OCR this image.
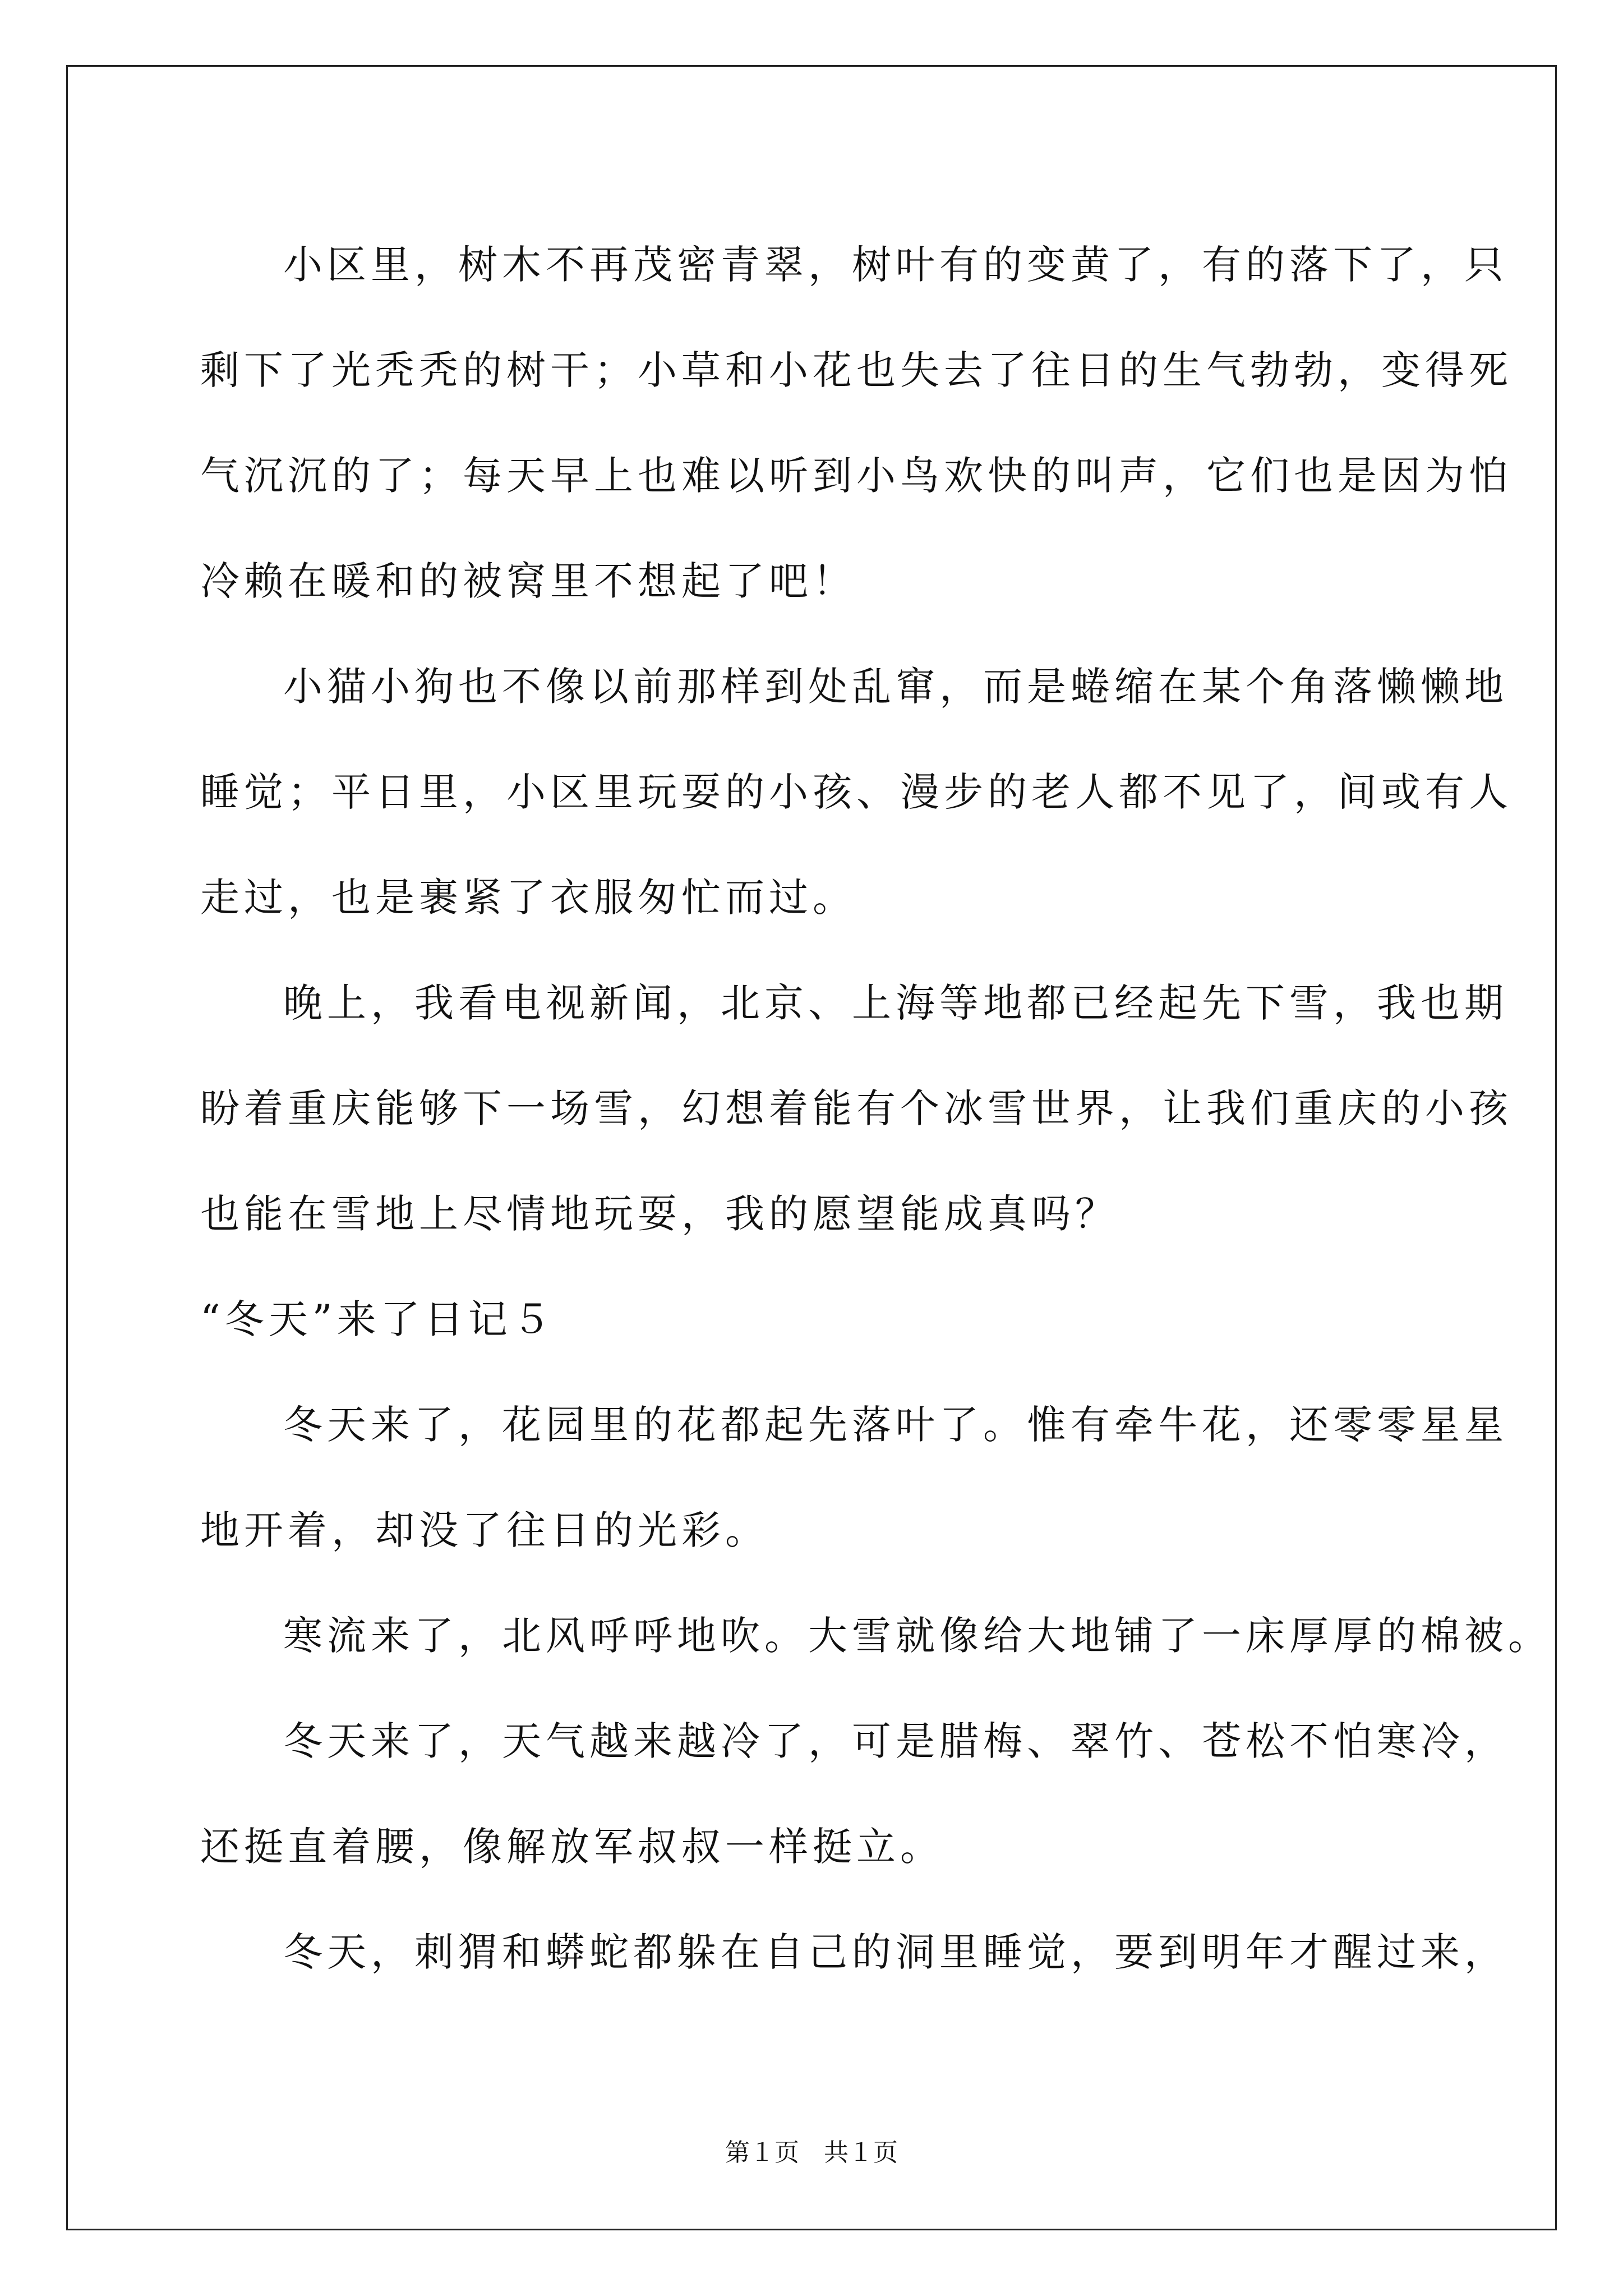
小区里，树木不再茂密青翠，树叶有的变黄了，有的落下了，只
剩下了光秃秃的树干；小草和小花也失去了往日的生气勃勃，变得死
气沉沉的了；每天早上也难以听到小鸟欢快的叫声，它们也是因为怕
冷赖在暖和的被窝里不想起了吧！
小猫小狗也不像以前那样到处乱窜，而是蜷缩在某个角落懒懒地
睡觉；平日里，小区里玩耍的小孩、漫步的老人都不见了，间或有人
走过，也是裹紧了衣服匆忙而过。
晚上，我看电视新闻，北京、上海等地都已经起先下雪，我也期
盼着重庆能够下一场雪，幻想着能有个冰雪世界，让我们重庆的小孩
也能在雪地上尽情地玩耍，我的愿望能成真吗？
“冬天”来了日记５
冬天来了，花园里的花都起先落叶了。惟有牵牛花，还零零星星
地开着，却没了往日的光彩。
寒流来了，北风呼呼地吹。大雪就像给大地铺了一床厚厚的棉被。
冬天来了，天气越来越冷了，可是腊梅、翠竹、苍松不怕寒冷，
还挺直着腰，像解放军叔叔一样挺立。
冬天，刺猬和蟒蛇都躲在自己的洞里睡觉，要到明年才醒过来，
第１页　共１页
